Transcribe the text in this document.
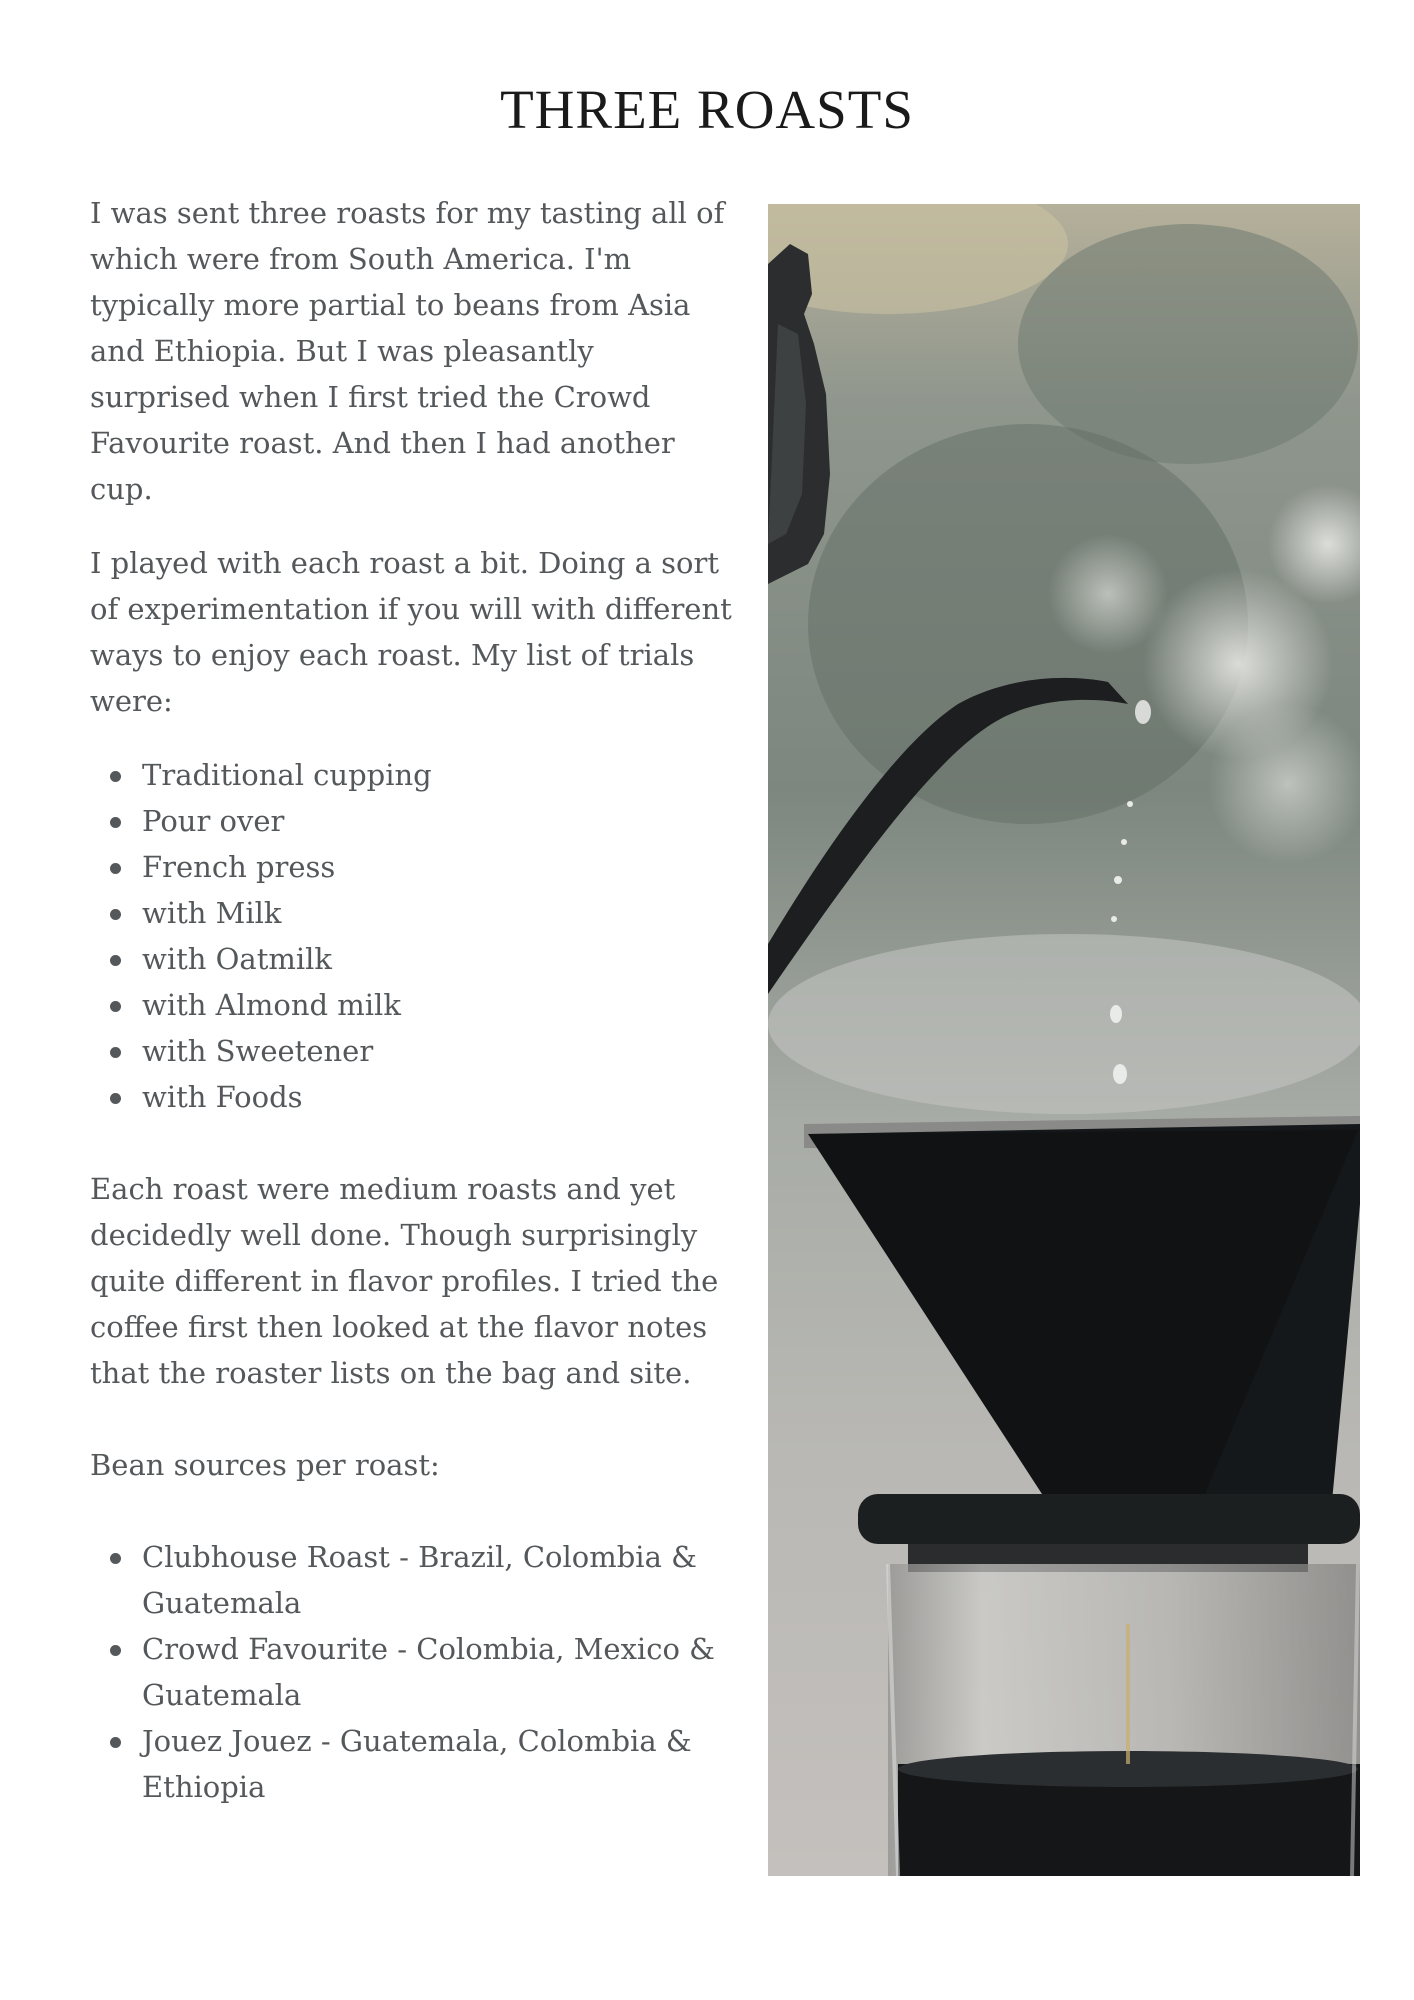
THREE ROASTS

I was sent three roasts for my tasting all of which were from South America. I'm typically more partial to beans from Asia and Ethiopia. But I was pleasantly surprised when I first tried the Crowd Favourite roast. And then I had another cup.

I played with each roast a bit. Doing a sort of experimentation if you will with different ways to enjoy each roast. My list of trials were:

Traditional cupping
Pour over
French press
with Milk
with Oatmilk
with Almond milk
with Sweetener
with Foods

Each roast were medium roasts and yet decidedly well done. Though surprisingly quite different in flavor profiles. I tried the coffee first then looked at the flavor notes that the roaster lists on the bag and site.

Bean sources per roast:

Clubhouse Roast - Brazil, Colombia & Guatemala
Crowd Favourite - Colombia, Mexico & Guatemala
Jouez Jouez - Guatemala, Colombia & Ethiopia
